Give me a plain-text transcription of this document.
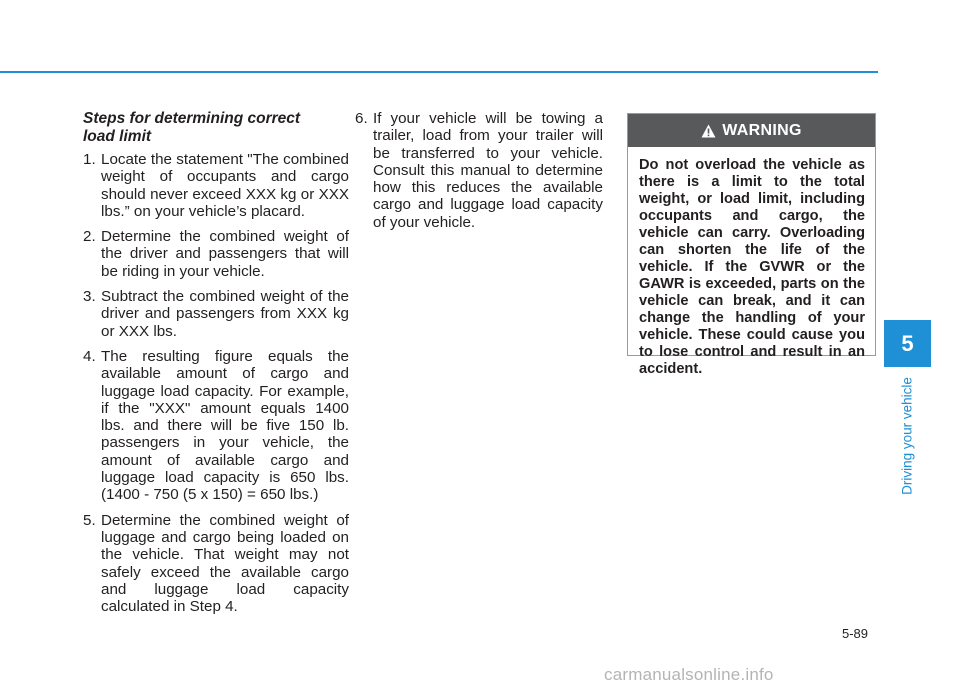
Steps for determining correct load limit
1. Locate the statement "The combined weight of occupants and cargo should never exceed XXX kg or XXX lbs.” on your vehicle’s placard.
2. Determine the combined weight of the driver and passengers that will be riding in your vehicle.
3. Subtract the combined weight of the driver and passengers from XXX kg or XXX lbs.
4. The resulting figure equals the available amount of cargo and luggage load capacity. For example, if the "XXX" amount equals 1400 lbs. and there will be five 150 lb. passengers in your vehicle, the amount of available cargo and luggage load capacity is 650 lbs. (1400 - 750 (5 x 150) = 650 lbs.)
5. Determine the combined weight of luggage and cargo being loaded on the vehicle. That weight may not safely exceed the available cargo and luggage load capacity calculated in Step 4.
6. If your vehicle will be towing a trailer, load from your trailer will be transferred to your vehicle. Consult this manual to determine how this reduces the available cargo and luggage load capacity of your vehicle.
WARNING
Do not overload the vehicle as there is a limit to the total weight, or load limit, including occupants and cargo, the vehicle can carry. Overloading can shorten the life of the vehicle. If the GVWR or the GAWR is exceeded, parts on the vehicle can break, and it can change the handling of your vehicle. These could cause you to lose control and result in an accident.
5
Driving your vehicle
5-89
carmanualsonline.info
